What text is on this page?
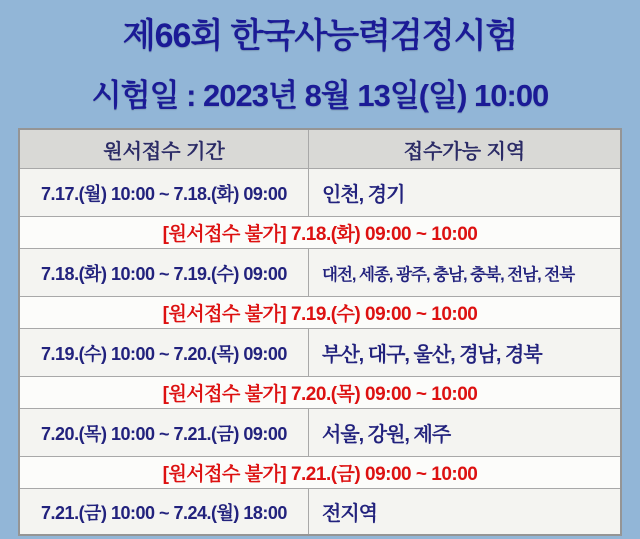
제66회 한국사능력검정시험
시험일 : 2023년 8월 13일(일) 10:00
원서접수 기간	접수가능 지역
7.17.(월) 10:00 ~ 7.18.(화) 09:00	인천, 경기
[원서접수 불가] 7.18.(화) 09:00 ~ 10:00
7.18.(화) 10:00 ~ 7.19.(수) 09:00	대전, 세종, 광주, 충남, 충북, 전남, 전북
[원서접수 불가] 7.19.(수) 09:00 ~ 10:00
7.19.(수) 10:00 ~ 7.20.(목) 09:00	부산, 대구, 울산, 경남, 경북
[원서접수 불가] 7.20.(목) 09:00 ~ 10:00
7.20.(목) 10:00 ~ 7.21.(금) 09:00	서울, 강원, 제주
[원서접수 불가] 7.21.(금) 09:00 ~ 10:00
7.21.(금) 10:00 ~ 7.24.(월) 18:00	전지역
